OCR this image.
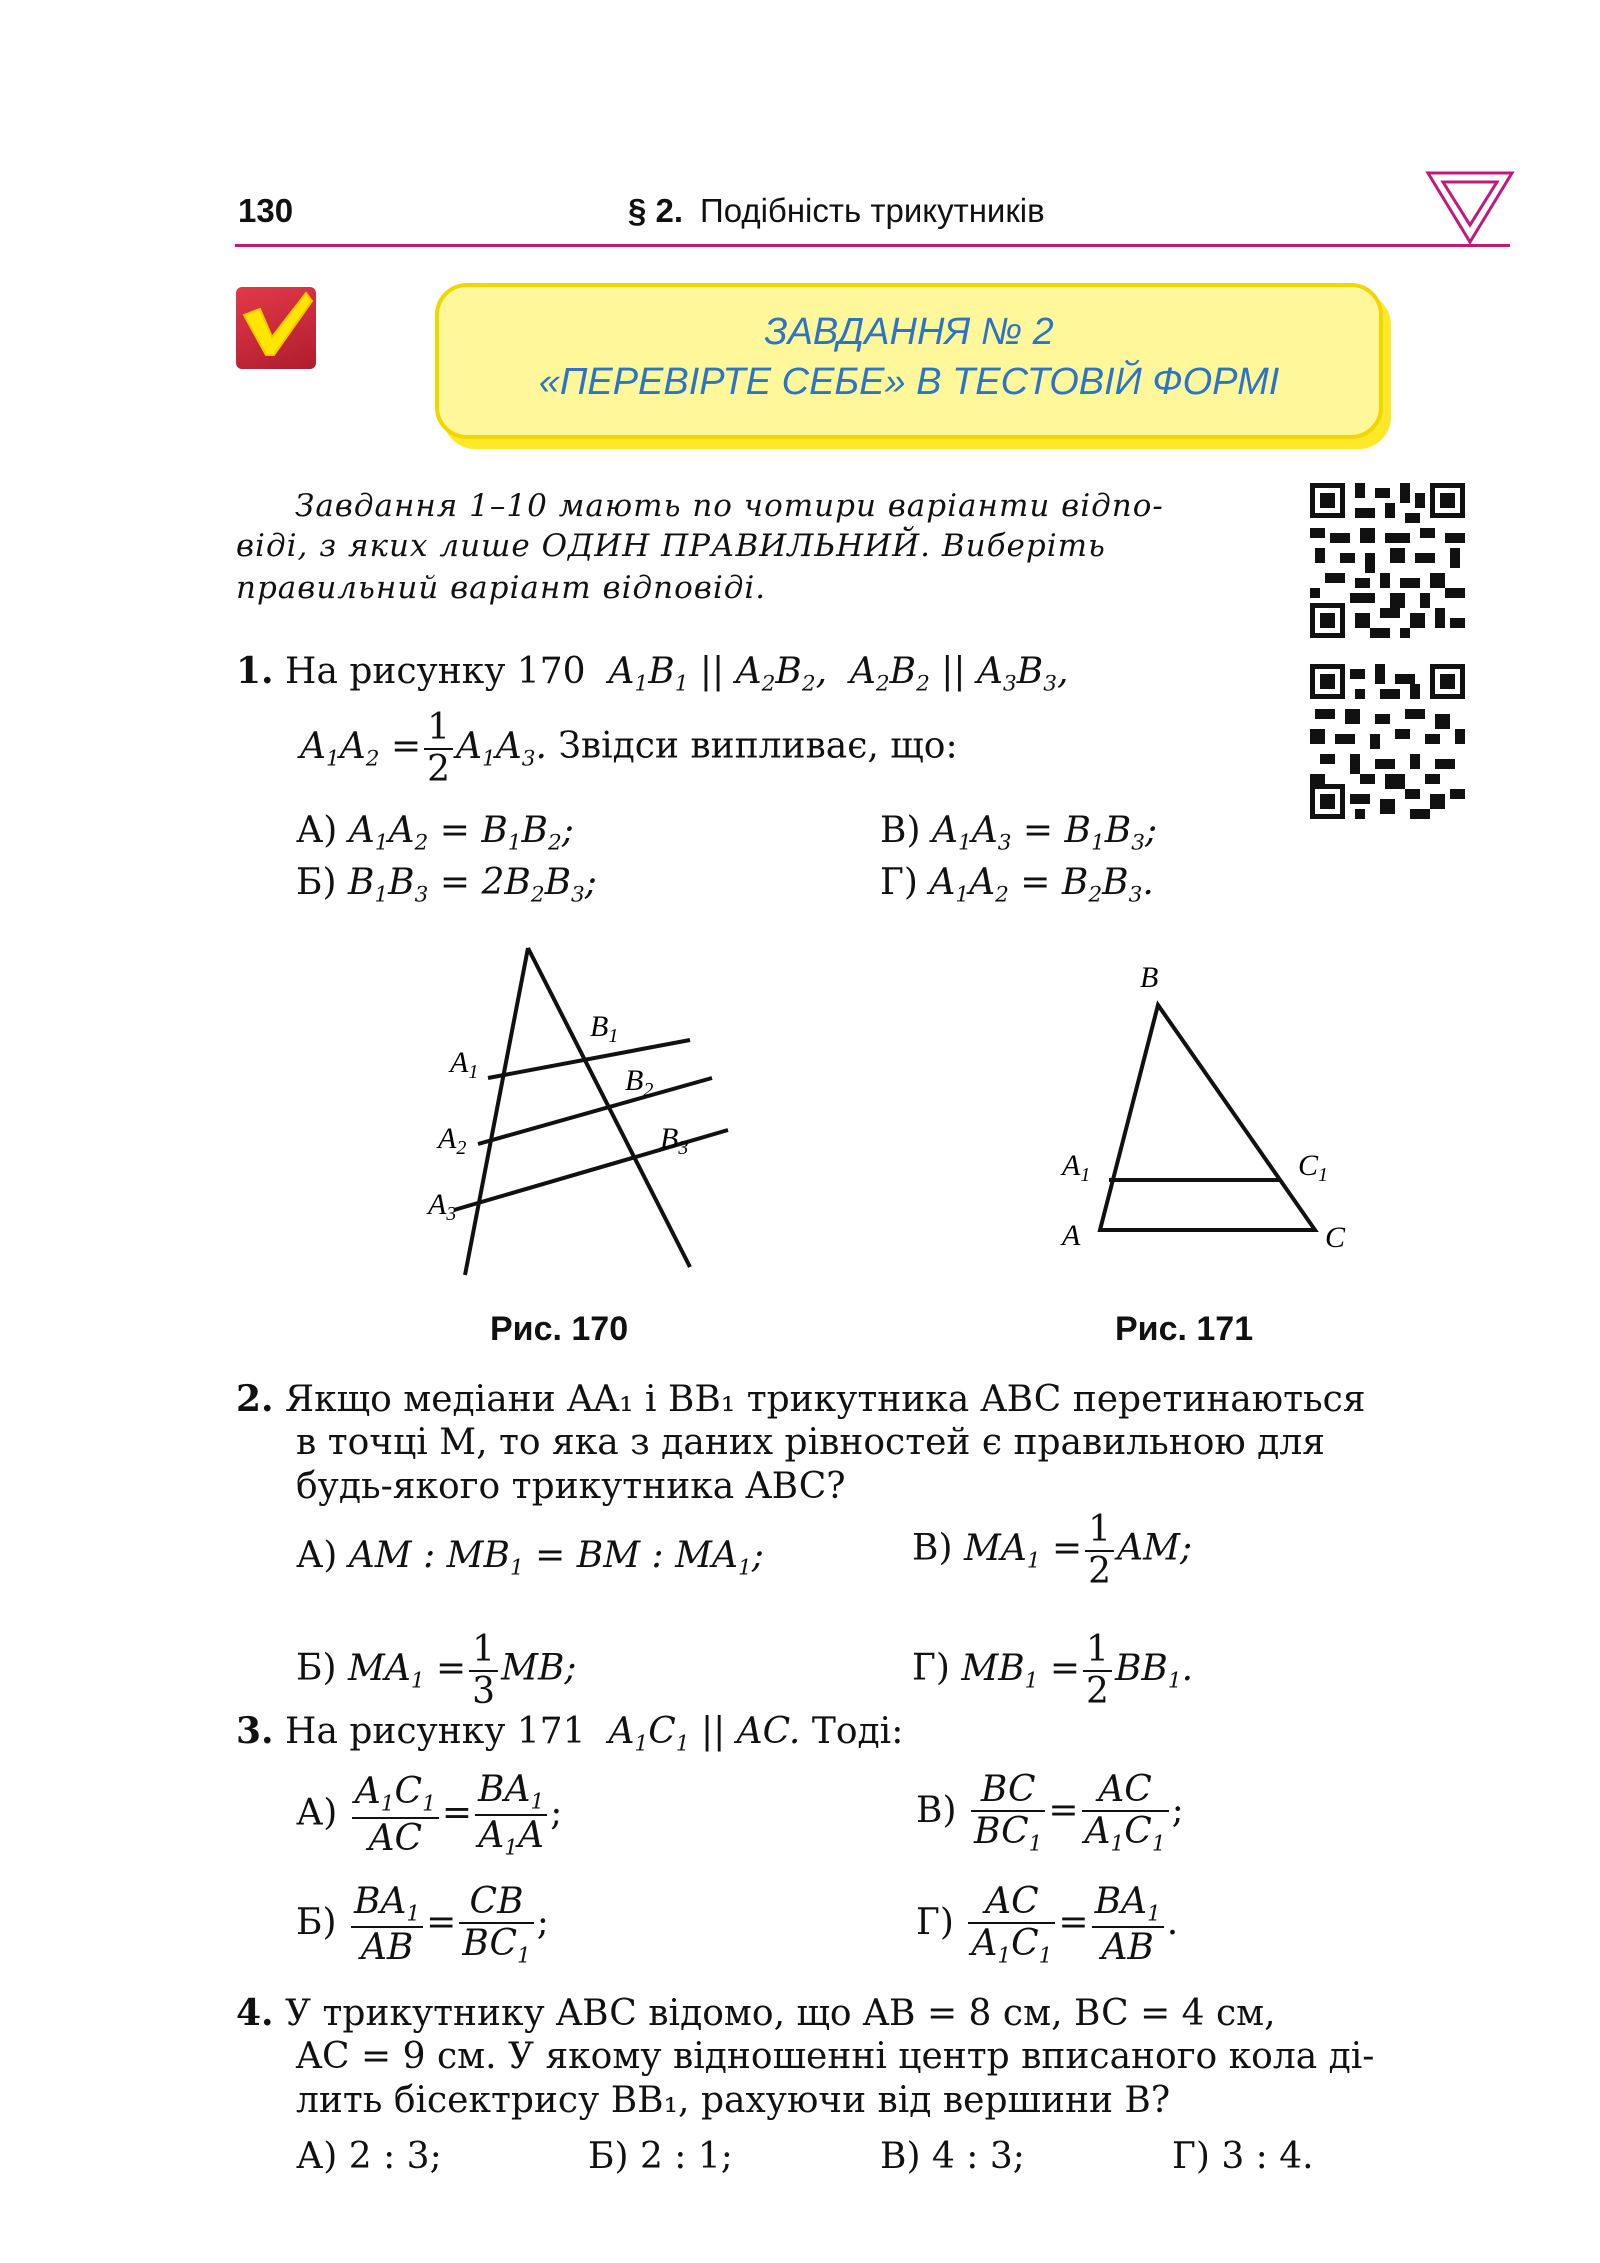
130	§ 2. Подібність трикутників
ЗАВДАННЯ № 2
«ПЕРЕВІРТЕ СЕБЕ» В ТЕСТОВІЙ ФОРМІ
Завдання 1–10 мають по чотири варіанти відпо-
віді, з яких лише ОДИН ПРАВИЛЬНИЙ. Виберіть
правильний варіант відповіді.
1. На рисунку 170  $A_1B_1$ || $A_2B_2$,  $A_2B_2$ || $A_3B_3$,
$A_1A_2 = \frac{1}{2} A_1A_3$. Звідси випливає, що:
А) $A_1A_2 = B_1B_2$;
Б) $B_1B_3 = 2B_2B_3$;
В) $A_1A_3 = B_1B_3$;
Г) $A_1A_2 = B_2B_3$.
$A_1$
$A_2$
$A_3$
$B_1$
$B_2$
$B_3$
Рис. 170
B
$A_1$	$C_1$
A	C
Рис. 171
2. Якщо медіани AA₁ і BB₁ трикутника ABC перетинаються
в точці M, то яка з даних рівностей є правильною для
будь-якого трикутника ABC?
А) AM : $MB_1$ = BM : $MA_1$;	В) $MA_1 = \frac{1}{2}$ AM;
Б) $MA_1 = \frac{1}{3}$ MB;	Г) $MB_1 = \frac{1}{2} BB_1$.
3. На рисунку 171  $A_1C_1$ || AC. Тоді:
$А) \frac{A_1C_1}{AC} = \frac{BA_1}{A_1A}$ ;	$В) \frac{BC}{BC_1} = \frac{AC}{A_1C_1}$ ;
$Б) \frac{BA_1}{AB} = \frac{CB}{BC_1}$ ;	$Г) \frac{AC}{A_1C_1} = \frac{BA_1}{AB}$ .
4. У трикутнику ABC відомо, що AB = 8 см, BC = 4 см,
AC = 9 см. У якому відношенні центр вписаного кола ді-
лить бісектрису BB₁, рахуючи від вершини B?
А) 2 : 3;	Б) 2 : 1;	В) 4 : 3;	Г) 3 : 4.
